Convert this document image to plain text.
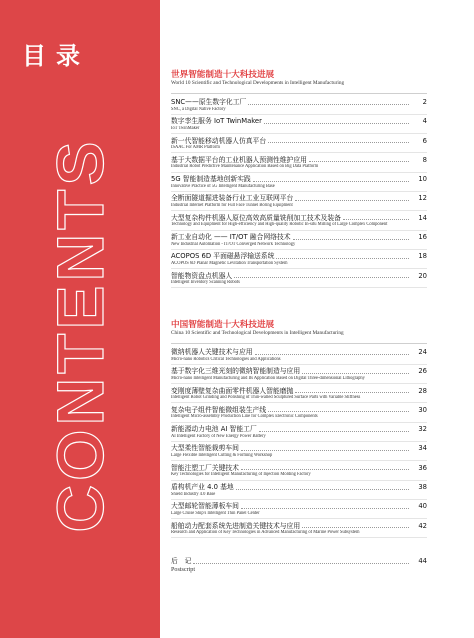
目 录
CONTENTS
世界智能制造十大科技进展
World 10 Scientific and Technological Developments in Intelligent Manufacturing
SNC——原生数字化工厂	2
SNC, a Digital Native Factory
数字孪生服务 IoT TwinMaker	4
IoT TwinMaker
新一代智能移动机器人仿真平台	6
ISAAC For AMR Platform
基于大数据平台的工业机器人预测性维护应用	8
Industrial Robot Predictive Maintenance Application Based on Big Data Platform
5G 智能制造基地创新实践	10
Innovative Practice of 5G Intelligent Manufacturing Base
全断面隧道掘进装备行业工业互联网平台	12
Industrial Internet Platform for Full Face Tunnel Boring Equipment
大型复杂构件机器人原位高效高质量铣削加工技术及装备	14
Technology and Equipment for High-efficiency and High-quality Robotic In-situ Milling of Large Complex Component
新工业自动化 —— IT/OT 融合网络技术	16
New Industrial Automation - IT/OT Converged Network Technology
ACOPOS 6D 平面磁悬浮输送系统	18
ACOPOS 6D Planar Magnetic Levitation Transportation System
智能物资盘点机器人	20
Intelligent Inventory Scanning Robots
中国智能制造十大科技进展
China 10 Scientific and Technological Developments in Intelligent Manufacturing
微纳机器人关键技术与应用	24
Micro-nano Robotics Critical Technologies and Applications
基于数字化三维光刻的微纳智能制造与应用	26
Micro-nano Intelligent Manufacturing and Its Application Based on Digital Three-dimensional Lithography
变刚度薄壁复杂曲面零件机器人智能磨抛	28
Intelligent Robot Grinding and Polishing of Thin-walled Sculptured Surface Parts with Variable Stiffness
复杂电子组件智能微组装生产线	30
Intelligent Micro-assembly Production Line for Complex Electronic Components
新能源动力电池 AI 智能工厂	32
AI Intelligent Factory of New Energy Power Battery
大型柔性智能裁剪车间	34
Large Flexible Intelligent Cutting & Forming Workshop
智能注塑工厂关键技术	36
Key Technologies for Intelligent Manufacturing of Injection Molding Factory
盾构机产业 4.0 基地	38
Shield Industry 4.0 Base
大型邮轮智能薄板车间	40
Large Cruise Ship's Intelligent Thin Panel Center
船舶动力配套系统先进制造关键技术与应用	42
Research and Application of Key Technologies in Advanced Manufacturing of Marine Power Subsystem
后　记	44
Postscript
